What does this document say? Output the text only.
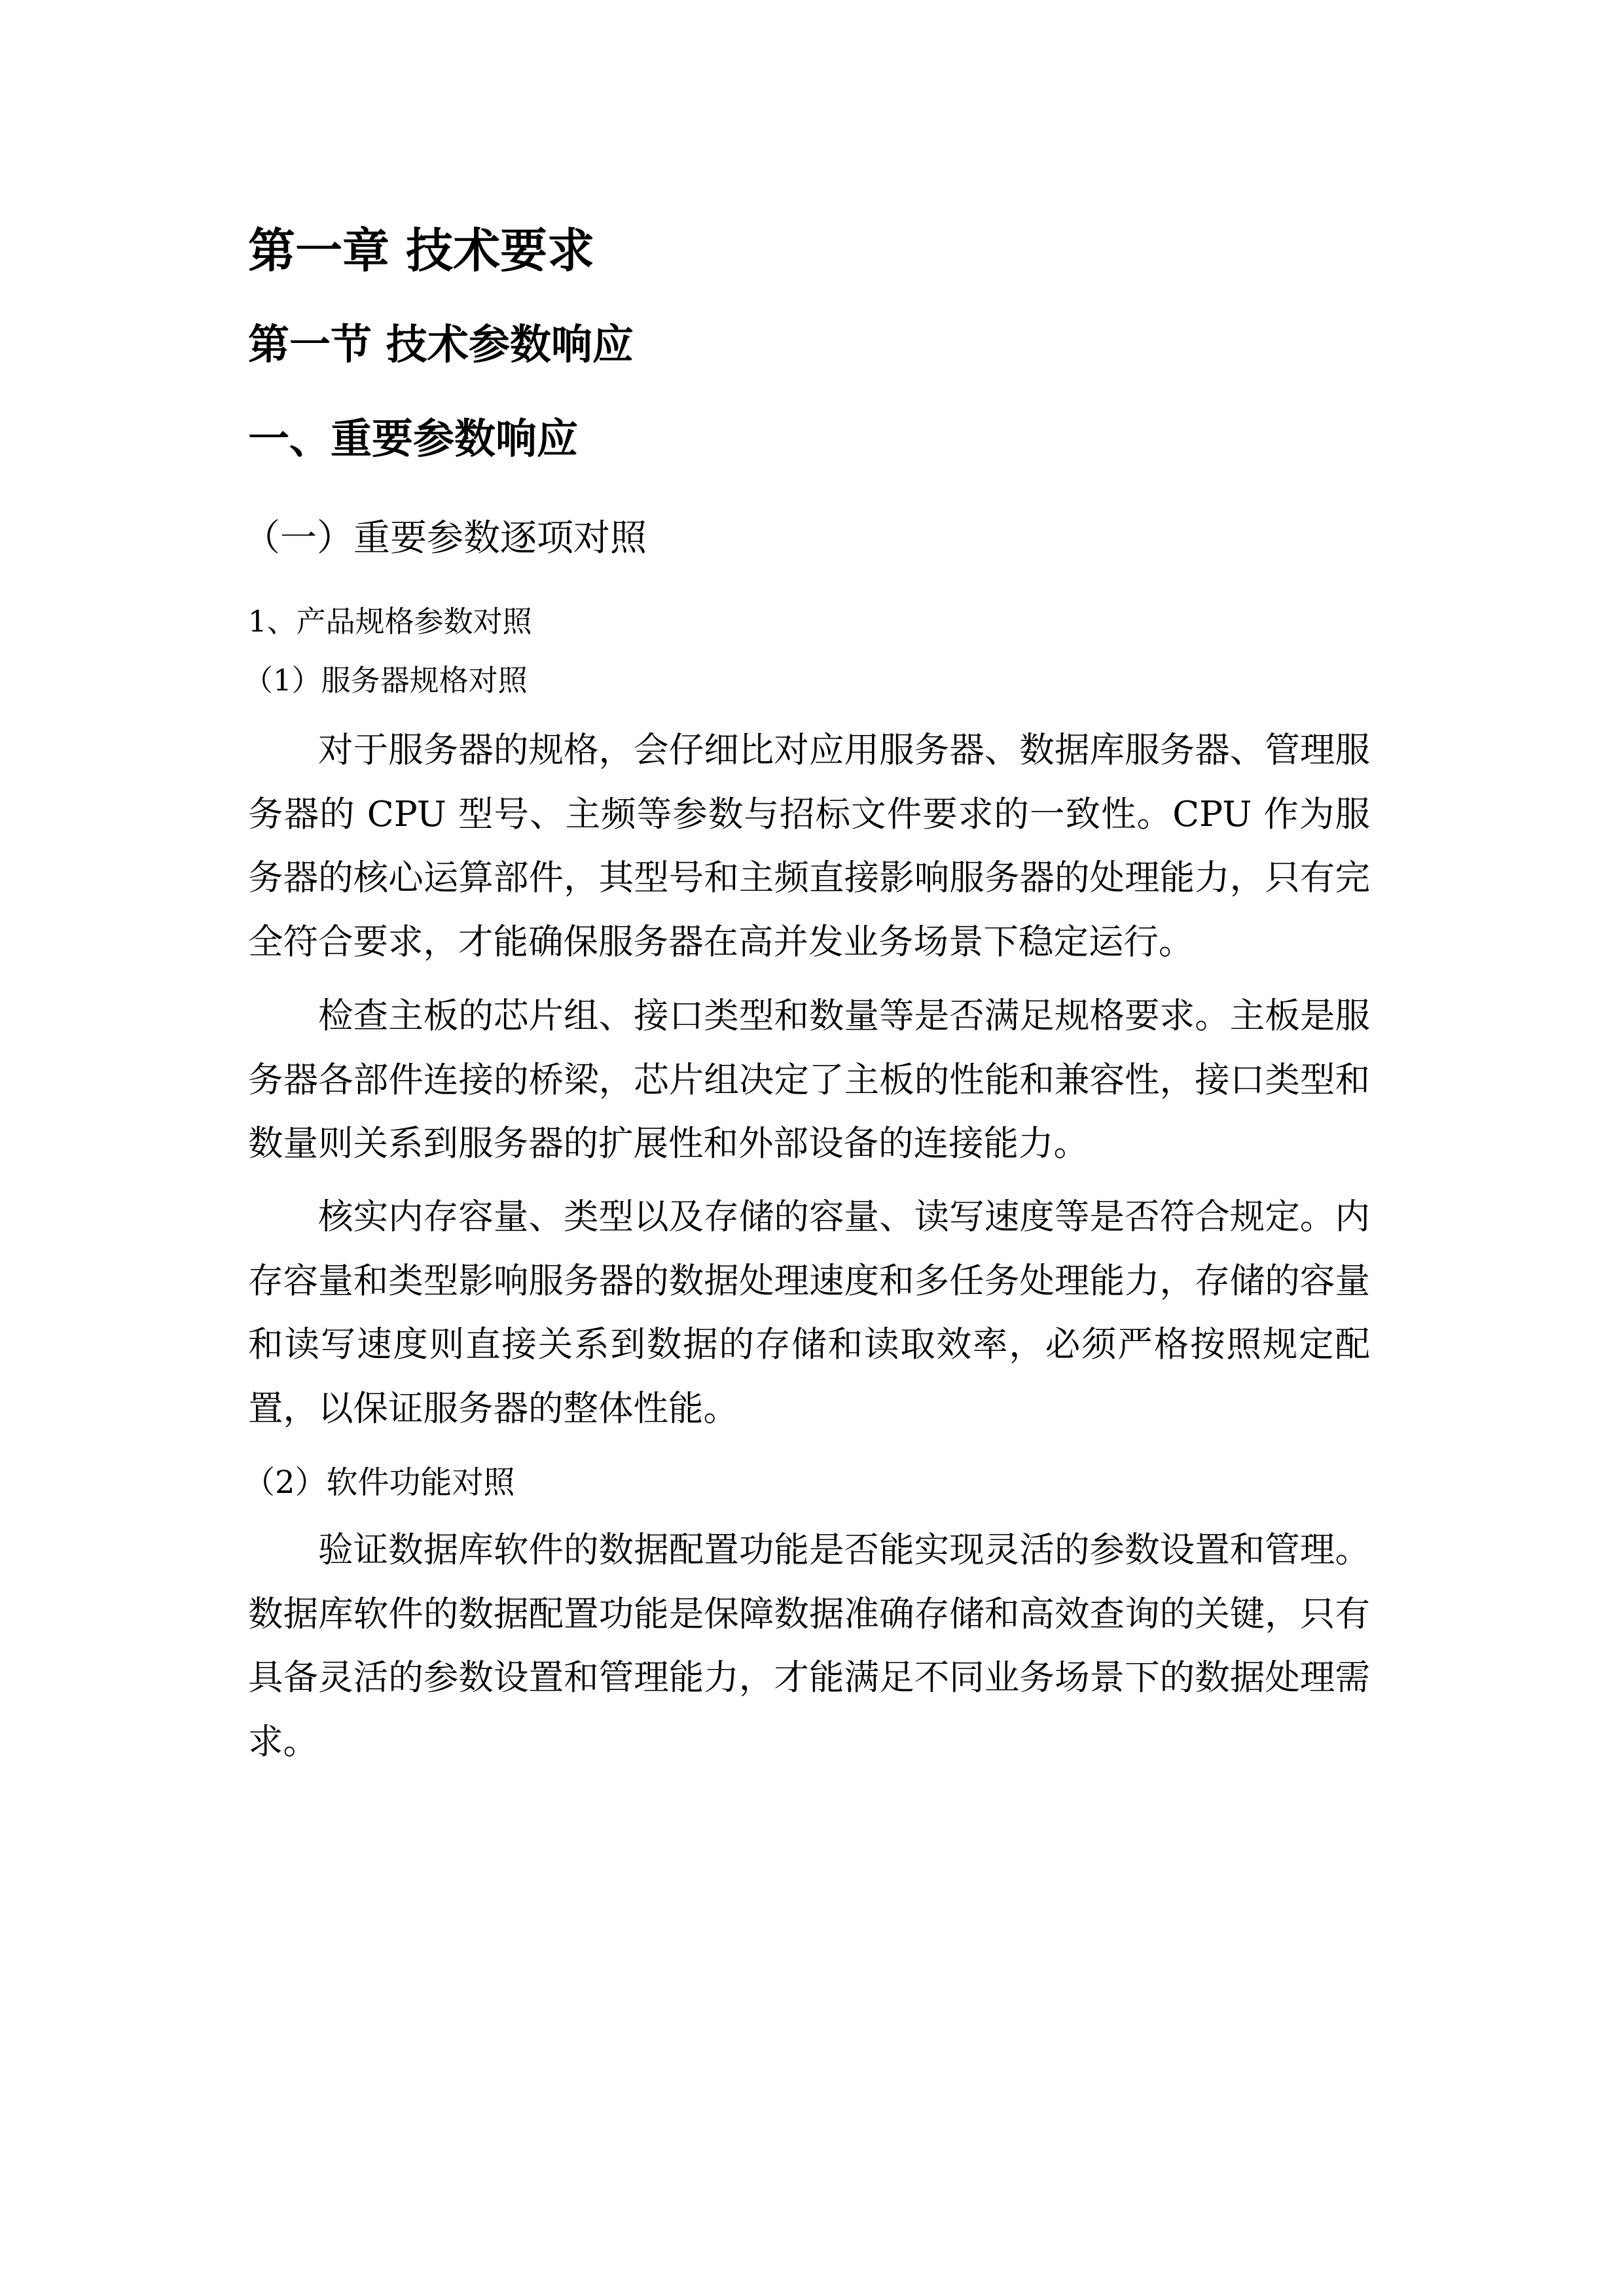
第一章 技术要求
第一节 技术参数响应
一、重要参数响应
（一）重要参数逐项对照
1、产品规格参数对照
（1）服务器规格对照

对于服务器的规格，会仔细比对应用服务器、数据库服务器、管理服务器的 CPU 型号、主频等参数与招标文件要求的一致性。CPU 作为服务器的核心运算部件，其型号和主频直接影响服务器的处理能力，只有完全符合要求，才能确保服务器在高并发业务场景下稳定运行。

检查主板的芯片组、接口类型和数量等是否满足规格要求。主板是服务器各部件连接的桥梁，芯片组决定了主板的性能和兼容性，接口类型和数量则关系到服务器的扩展性和外部设备的连接能力。

核实内存容量、类型以及存储的容量、读写速度等是否符合规定。内存容量和类型影响服务器的数据处理速度和多任务处理能力，存储的容量和读写速度则直接关系到数据的存储和读取效率，必须严格按照规定配置，以保证服务器的整体性能。

（2）软件功能对照

验证数据库软件的数据配置功能是否能实现灵活的参数设置和管理。数据库软件的数据配置功能是保障数据准确存储和高效查询的关键，只有具备灵活的参数设置和管理能力，才能满足不同业务场景下的数据处理需求。
